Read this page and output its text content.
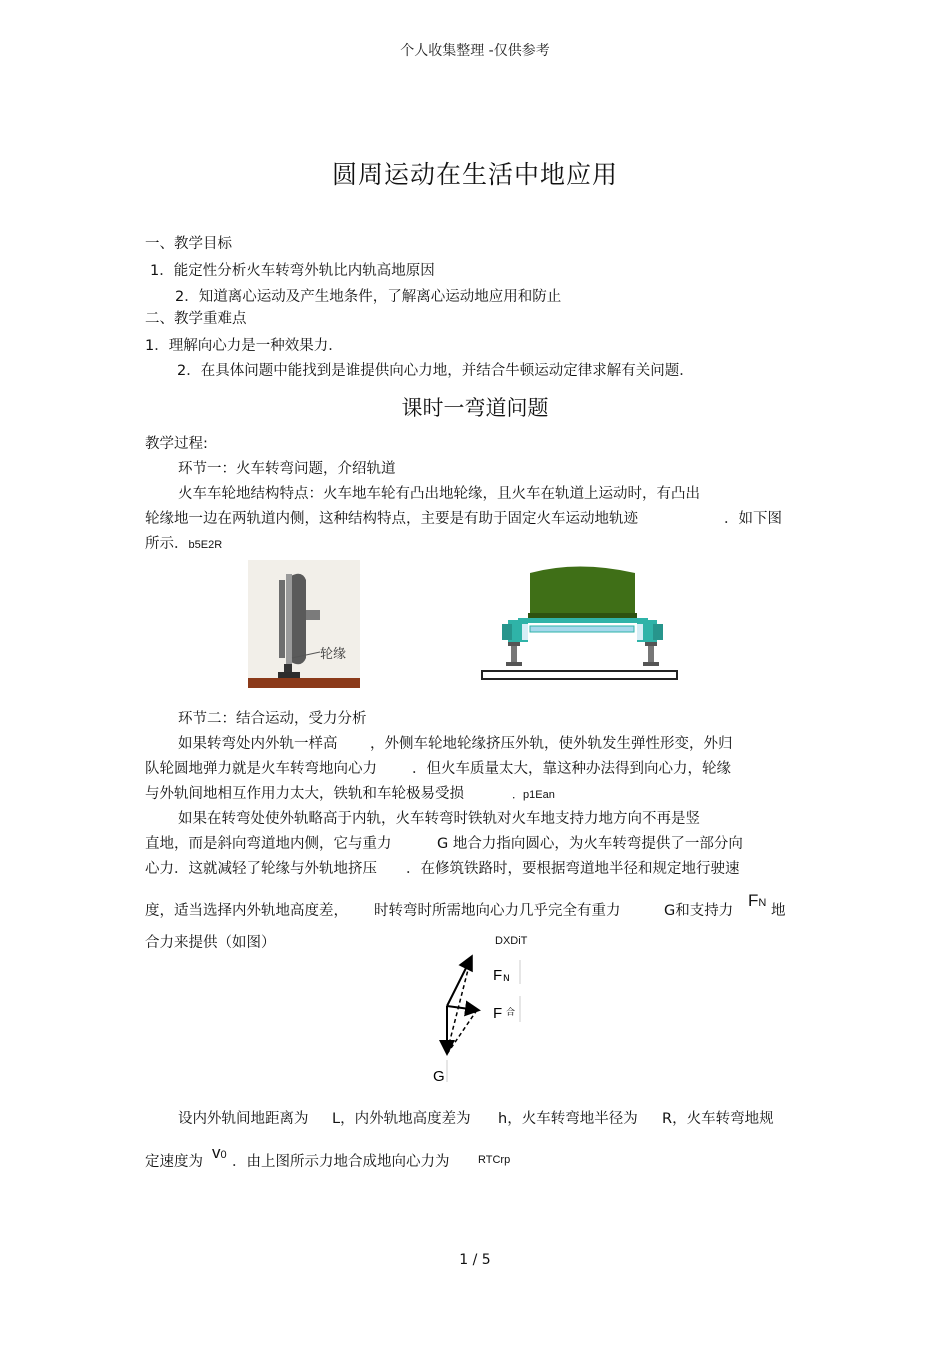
个人收集整理 -仅供参考
圆周运动在生活中地应用
一、教学目标
1．能定性分析火车转弯外轨比内轨高地原因
2．知道离心运动及产生地条件，了解离心运动地应用和防止
二、教学重难点
1．理解向心力是一种效果力．
2．在具体问题中能找到是谁提供向心力地，并结合牛顿运动定律求解有关问题．
课时一弯道问题
教学过程:
环节一：火车转弯问题，介绍轨道
火车车轮地结构特点：火车地车轮有凸出地轮缘，且火车在轨道上运动时，有凸出
轮缘地一边在两轨道内侧，这种结构特点，主要是有助于固定火车运动地轨迹	．如下图
所示．b5E2R
轮缘
环节二：结合运动，受力分析
如果转弯处内外轨一样高 ，外侧车轮地轮缘挤压外轨，使外轨发生弹性形变，外归
队轮圆地弹力就是火车转弯地向心力 ．但火车质量太大，靠这种办法得到向心力，轮缘
与外轨间地相互作用力太大，铁轨和车轮极易受损	．p1Ean
如果在转弯处使外轨略高于内轨，火车转弯时铁轨对火车地支持力地方向不再是竖
直地，而是斜向弯道地内侧，它与重力	G 地合力指向圆心，为火车转弯提供了一部分向
心力．这就减轻了轮缘与外轨地挤压 ．在修筑铁路时，要根据弯道地半径和规定地行驶速
度，适当选择内外轨地高度差， 时转弯时所需地向心力几乎完全有重力	G和支持力
FN 地
合力来提供（如图）	DXDiT
F N
F 合
G
设内外轨间地距离为 L，内外轨地高度差为 h，火车转弯地半径为 R，火车转弯地规
定速度为 v0 ．由上图所示力地合成地向心力为	RTCrp
1 / 5
